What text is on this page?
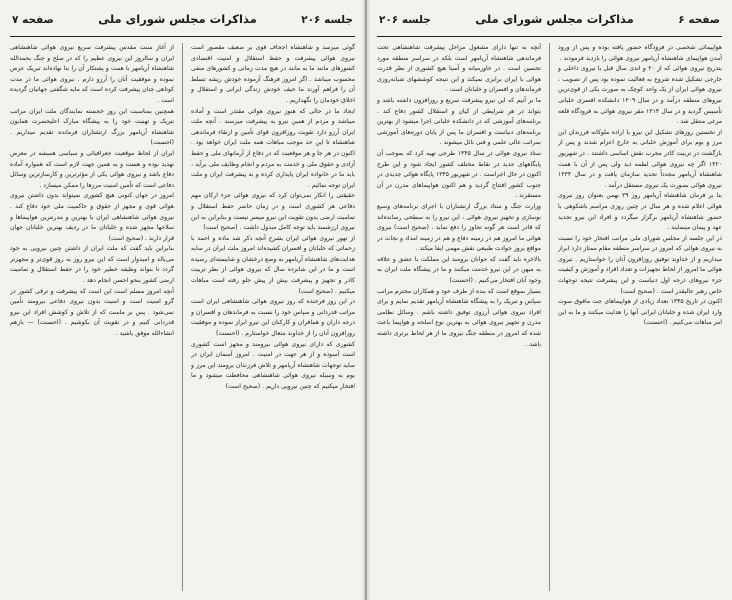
جلسه ۲۰۶
مذاکرات مجلس شورای ملی
صفحه ۷

گوئی میرسد و شاهنشاه اجحاف قوی بر ضعیف مقصور است نیروی هوائی پیشرفت و حفظ استقلال و امنیت اقتصادی کشورهای مانند ما به مانند در هیچ مدت زمانی و کشورهای منفی محسوب میباشد . اگر امروز فرهنگ آزموده خودش ریشه تسلط آن را فراهم آورند ما حیف خودش زندگی ایرانی و استقلال و اخلاق خودمان را نگهداریم .

ایجاد ما در حالی که هنوز نیروی هوائی مقتدر است و آماده میباشد و مردم از همین نیرو به پیشرفت میرسند . آنچه ملت ایران آرزو دارد تقویت روزافزون قوای تأمین و ارتقاء فرماندهی شاهنشاه تا این حد موجب مباهات همه ملت ایران خواهد بود . اکنون در هر جا و هر موقعیت که در دفاع از آرمانهای ملی و حفظ آزادی و حقوق ملی و خدمت به مردم و انجام وظایف ملی برآید ، باید ما در خانواده ایران پایداری کرده و به پیشرفت ایران و ملت ایران توجه نمائیم .

حقیقتی را انکار نمی‌توان کرد که نیروی هوائی جزء ارکان مهم دفاعی هر کشوری است و در زمان حاضر حفظ استقلال و تمامیت ارضی بدون تقویت این نیرو میسر نیست و بنابراین به این نیروی ارزشمند باید توجه کامل مبذول داشت . (صحیح است)

از تهور نیروی هوائی ایران بشرح آنچه ذکر شد ماده و احمد با زحماتی که خلبانان و افسران کشیده‌اند امروز ملت ایران در سایه هدایت‌های شاهنشاه آریامهر به وضع درخشان و شایسته‌ای رسیده است و ما در این شانزده سال که نیروی هوائی از نظر تربیت کادر و تجهیز و پیشرفت بیش از پیش جلو رفته است مباهات میکنیم . (صحیح است)

در این روز فرخنده که روز نیروی هوائی شاهنشاهی ایران است مراتب قدردانی و سپاس خود را نسبت به فرماندهان و افسران و درجه داران و همافران و کارکنان این نیرو ابراز نموده و موفقیت روزافزون آنان را از خداوند متعال خواستارم . (احسنت)

کشوری که دارای نیروی هوائی نیرومند و مجهز است کشوری است آسوده و از هر جهت در امنیت . امروز آسمان ایران در سایه توجهات شاهنشاه آریامهر و تلاش فرزندان برومند این مرز و بوم به وسیله نیروی هوائی شاهنشاهی محافظت میشود و ما افتخار میکنیم که چنین نیرویی داریم . (صحیح است)

از آغاز سنت مقدس پیشرفت سریع نیروی هوائی شاهنشاهی ایران و سالروز این نیروی عظیم را که در صلح و جنگ بحمدالله شاهنشاه آریامهر با همت و پشتکار آن را بنا نهاده‌اند تبریک عرض نموده و موفقیت آنان را آرزو دارم . نیروی هوائی ما در مدت کوتاهی چنان پیشرفت کرده است که مایه شگفتی جهانیان گردیده است .

همچنین بمناسبت این روز خجسته نمایندگان ملت ایران مراتب تبریک و تهنیت خود را به پیشگاه مبارک اعلیحضرت همایون شاهنشاه آریامهر بزرگ ارتشتاران فرمانده تقدیم میداریم . (احسنت)

ایران از لحاظ موقعیت جغرافیائی و سیاسی همیشه در معرض تهدید بوده و هست و به همین جهت لازم است که همواره آماده دفاع باشد و نیروی هوائی یکی از مؤثرترین و کارسازترین وسائل دفاعی است که تأمین امنیت مرزها را ممکن میسازد .

امروز در جهان کنونی هیچ کشوری نمیتواند بدون داشتن نیروی هوائی قوی و مجهز از حقوق و حاکمیت ملی خود دفاع کند . نیروی هوائی شاهنشاهی ایران با بهترین و مدرنترین هواپیماها و سلاحها مجهز شده و خلبانان ما در ردیف بهترین خلبانان جهان قرار دارند . (صحیح است)

بنابراین باید گفت که ملت ایران از داشتن چنین نیرویی به خود می‌بالد و امیدوار است که این نیرو روز به روز قوی‌تر و مجهزتر گردد تا بتواند وظیفه خطیر خود را در حفظ استقلال و تمامیت ارضی کشور بنحو احسن انجام دهد .

آنچه امروز مسلم است این است که پیشرفت و ترقی کشور در گرو امنیت است و امنیت بدون نیروی دفاعی نیرومند تأمین نمی‌شود . پس بر ماست که از تلاش و کوشش افراد این نیرو قدردانی کنیم و در تقویت آن بکوشیم . (احسنت) — بازهم انشاءالله موفق باشید .

صفحه ۶
مذاکرات مجلس شورای ملی
جلسه ۲۰۶

هواپیمائی شخصی در فرودگاه حضور یافته بوده و پس از ورود آمدن هواپیمای شاهنشاه آریامهر نیروی هوائی را بازدید فرمودند .

بتدریج نیروی هوائی که از ۲۰ و اندی سال قبل با نیروی داخلی و خارجی تشکیل شده شروع به فعالیت نموده بود پس از تصویب ، نیروی هوائی ایران از یک واحد کوچک به صورت یکی از قوی‌ترین نیروهای منطقه درآمد و در سال ۱۳۰۹ دانشکده افسری خلبانی تأسیس گردید و در سال ۱۳۱۴ مقر نیروی هوائی به فرودگاه قلعه مرغی منتقل شد .

از نخستین روزهای تشکیل این نیرو با اراده ملوکانه فرزندان این مرز و بوم برای آموزش خلبانی به خارج اعزام شدند و پس از بازگشت در تربیت کادر مجرب نقش اساسی داشتند . در شهریور ۱۳۲۰ اگر چه نیروی هوائی لطمه دید ولی پس از آن با همت شاهنشاه آریامهر مجدداً تجدید سازمان یافت و در سال ۱۳۳۴ نیروی هوائی بصورت یک نیروی مستقل درآمد .

بنا بر فرمان شاهنشاه آریامهر روز ۲۹ بهمن بعنوان روز نیروی هوائی اعلام شده و هر سال در چنین روزی مراسم باشکوهی با حضور شاهنشاه آریامهر برگزار میگردد و افراد این نیرو تجدید عهد و پیمان مینمایند .

در این جلسه از مجلس شورای ملی مراتب افتخار خود را نسبت به نیروی هوائی که امروز در سراسر منطقه مقام ممتاز دارد ابراز میداریم و از خداوند توفیق روزافزون آنان را خواستاریم . نیروی هوائی ما امروز از لحاظ تجهیزات و تعداد افراد و آموزش و کیفیت جزء نیروهای درجه اول دنیاست و این پیشرفت نتیجه توجهات خاص رهبر عالیقدر است . (صحیح است)

اکنون در تاریخ ۱۳۴۵ تعداد زیادی از هواپیماهای جت مافوق صوت وارد ایران شده و خلبانان ایرانی آنها را هدایت میکنند و ما به این امر مباهات می‌کنیم . (احسنت)

آنچه نه تنها دارای مشغول مراحل پیشرفت شاهنشاهی تحت فرماندهی شاهنشاه آریامهر است بلکه در سراسر منطقه مورد تحسین است . در خاورمیانه و آسیا هیچ کشوری از نظر قدرت هوائی با ایران برابری نمیکند و این نتیجه کوششهای شبانه‌روزی فرماندهان و افسران و خلبانان است .

ما بر آنیم که این نیرو پیشرفت سریع و روزافزون داشته باشد و بتواند در هر شرایطی از کیان و استقلال کشور دفاع کند . برنامه‌های آموزشی که در دانشکده خلبانی اجرا میشود از بهترین برنامه‌های دنیاست و افسران ما پس از پایان دوره‌های آموزشی بمراتب عالی علمی و فنی نائل میشوند .

ستاد نیروی هوائی در سال ۱۳۴۵ طرحی تهیه کرد که بموجب آن پایگاههای جدید در نقاط مختلف کشور ایجاد شود و این طرح اکنون در حال اجراست . در شهریور ۱۳۴۵ پایگاه هوائی جدیدی در جنوب کشور افتتاح گردید و هم اکنون هواپیماهای مدرن در آن مستقرند .

وزارت جنگ و ستاد بزرگ ارتشتاران با اجرای برنامه‌های وسیع نوسازی و تجهیز نیروی هوائی ، این نیرو را به سطحی رسانده‌اند که قادر است هر گونه تجاوز را دفع نماید . (صحیح است) نیروی هوائی ما امروز هم در زمینه دفاع و هم در زمینه امداد و نجات در مواقع بروز حوادث طبیعی نقش مهمی ایفا میکند .

بالاخره باید گفت که جوانان برومند این مملکت با عشق و علاقه به میهن در این نیرو خدمت میکنند و ما در پیشگاه ملت ایران به وجود آنان افتخار می‌کنیم . (احسنت)

بسیار بموقع است که بنده از طرف خود و همکاران محترم مراتب سپاس و تبریک را به پیشگاه شاهنشاه آریامهر تقدیم نمایم و برای افراد نیروی هوائی آرزوی توفیق داشته باشم . وسائل نظامی مدرن و تجهیز نیروی هوائی به بهترین نوع اسلحه و هواپیما باعث شده که امروز در منطقه جنگ نیروی ما از هر لحاظ برتری داشته باشد .
